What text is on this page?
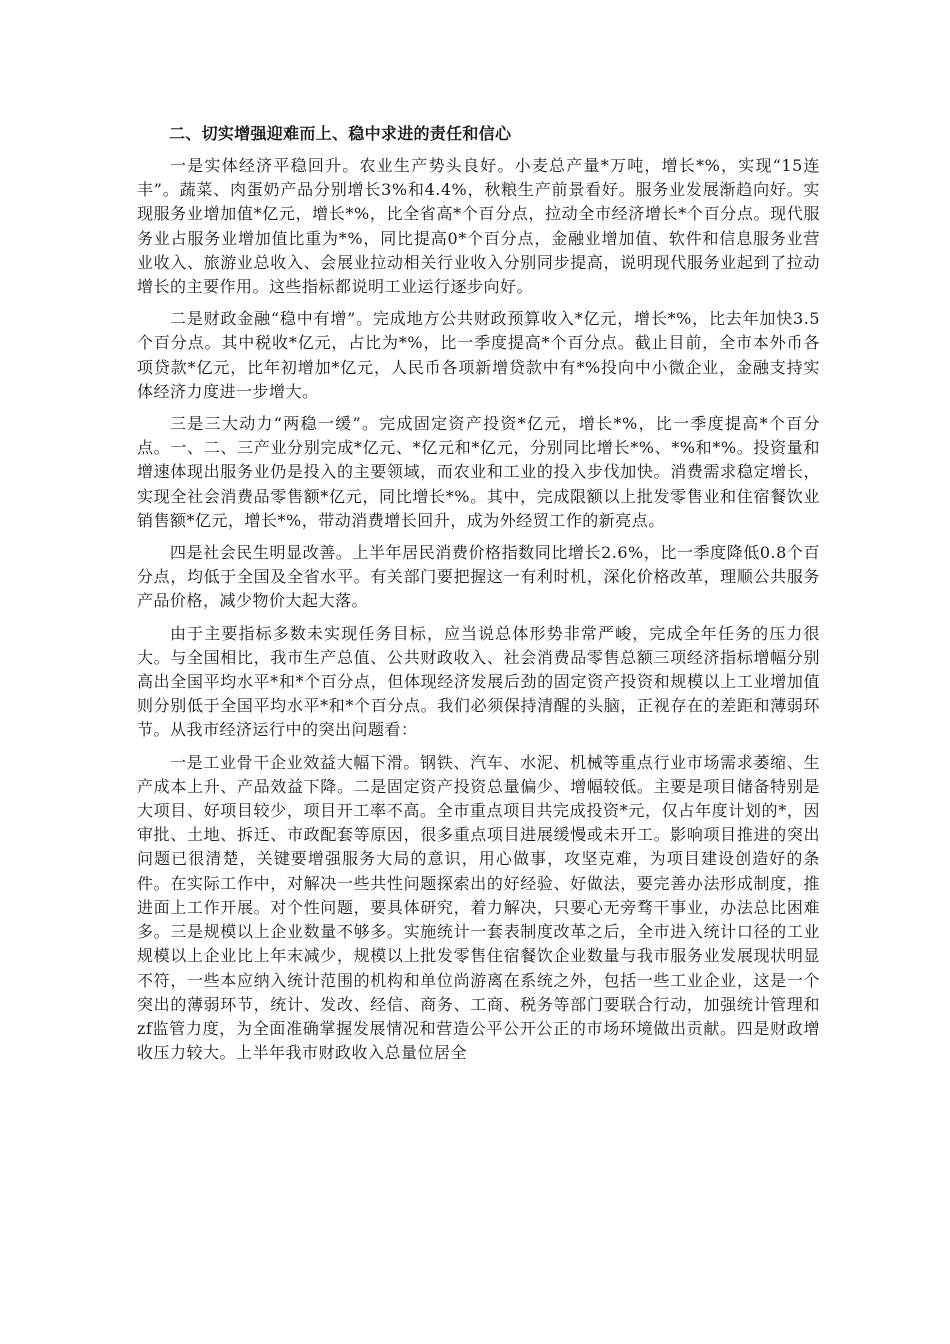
二、切实增强迎难而上、稳中求进的责任和信心

一是实体经济平稳回升。农业生产势头良好。小麦总产量*万吨，增长*%，实现“15连丰”。蔬菜、肉蛋奶产品分别增长3%和4.4%，秋粮生产前景看好。服务业发展渐趋向好。实现服务业增加值*亿元，增长*%，比全省高*个百分点，拉动全市经济增长*个百分点。现代服务业占服务业增加值比重为*%，同比提高0*个百分点，金融业增加值、软件和信息服务业营业收入、旅游业总收入、会展业拉动相关行业收入分别同步提高，说明现代服务业起到了拉动增长的主要作用。这些指标都说明工业运行逐步向好。

二是财政金融“稳中有增”。完成地方公共财政预算收入*亿元，增长*%，比去年加快3.5个百分点。其中税收*亿元，占比为*%，比一季度提高*个百分点。截止目前，全市本外币各项贷款*亿元，比年初增加*亿元，人民币各项新增贷款中有*%投向中小微企业，金融支持实体经济力度进一步增大。

三是三大动力“两稳一缓”。完成固定资产投资*亿元，增长*%，比一季度提高*个百分点。一、二、三产业分别完成*亿元、*亿元和*亿元，分别同比增长*%、*%和*%。投资量和增速体现出服务业仍是投入的主要领域，而农业和工业的投入步伐加快。消费需求稳定增长，实现全社会消费品零售额*亿元，同比增长*%。其中，完成限额以上批发零售业和住宿餐饮业销售额*亿元，增长*%，带动消费增长回升，成为外经贸工作的新亮点。

四是社会民生明显改善。上半年居民消费价格指数同比增长2.6%，比一季度降低0.8个百分点，均低于全国及全省水平。有关部门要把握这一有利时机，深化价格改革，理顺公共服务产品价格，减少物价大起大落。

由于主要指标多数未实现任务目标，应当说总体形势非常严峻，完成全年任务的压力很大。与全国相比，我市生产总值、公共财政收入、社会消费品零售总额三项经济指标增幅分别高出全国平均水平*和*个百分点，但体现经济发展后劲的固定资产投资和规模以上工业增加值则分别低于全国平均水平*和*个百分点。我们必须保持清醒的头脑，正视存在的差距和薄弱环节。从我市经济运行中的突出问题看：

一是工业骨干企业效益大幅下滑。钢铁、汽车、水泥、机械等重点行业市场需求萎缩、生产成本上升、产品效益下降。二是固定资产投资总量偏少、增幅较低。主要是项目储备特别是大项目、好项目较少，项目开工率不高。全市重点项目共完成投资*元，仅占年度计划的*，因审批、土地、拆迁、市政配套等原因，很多重点项目进展缓慢或未开工。影响项目推进的突出问题已很清楚，关键要增强服务大局的意识，用心做事，攻坚克难，为项目建设创造好的条件。在实际工作中，对解决一些共性问题探索出的好经验、好做法，要完善办法形成制度，推进面上工作开展。对个性问题，要具体研究，着力解决，只要心无旁骛干事业，办法总比困难多。三是规模以上企业数量不够多。实施统计一套表制度改革之后，全市进入统计口径的工业规模以上企业比上年末减少，规模以上批发零售住宿餐饮企业数量与我市服务业发展现状明显不符，一些本应纳入统计范围的机构和单位尚游离在系统之外，包括一些工业企业，这是一个突出的薄弱环节，统计、发改、经信、商务、工商、税务等部门要联合行动，加强统计管理和zf监管力度，为全面准确掌握发展情况和营造公平公开公正的市场环境做出贡献。四是财政增收压力较大。上半年我市财政收入总量位居全
